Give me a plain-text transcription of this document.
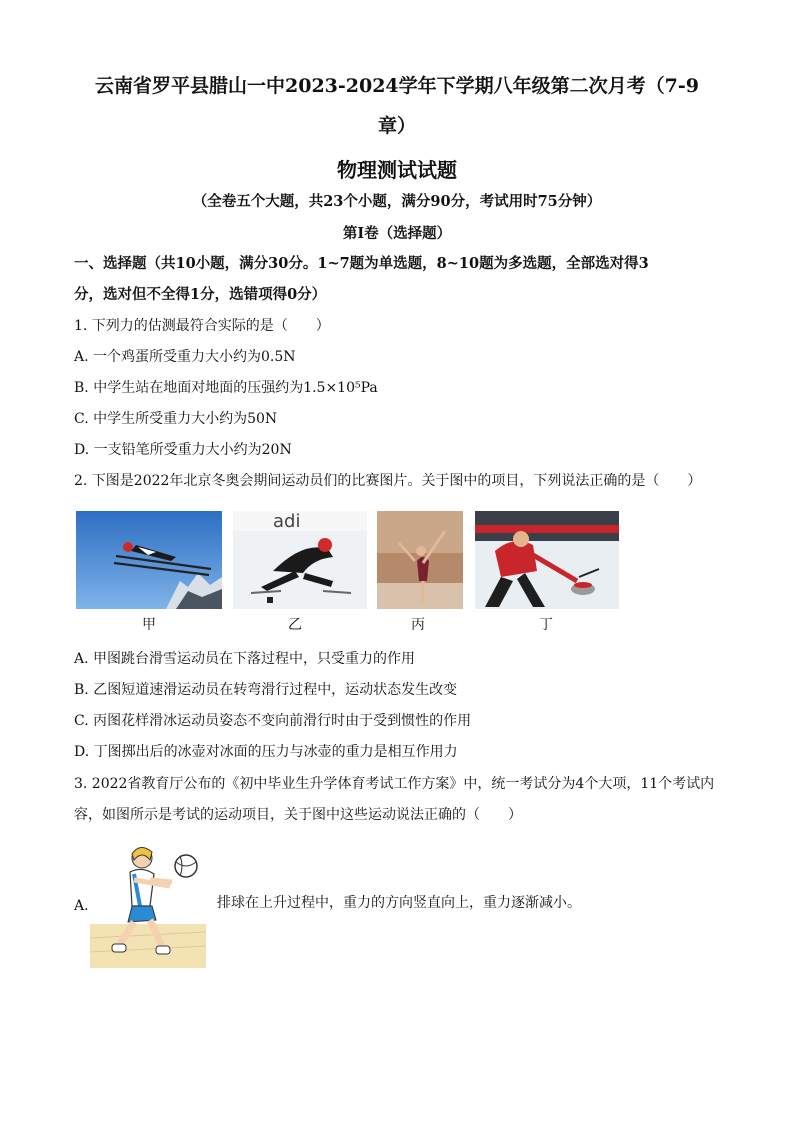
云南省罗平县腊山一中2023-2024学年下学期八年级第二次月考（7-9
章）
物理测试试题
（全卷五个大题，共23个小题，满分90分，考试用时75分钟）
第Ⅰ卷（选择题）
一、选择题（共10小题，满分30分。1~7题为单选题，8~10题为多选题，全部选对得3
分，选对但不全得1分，选错项得0分）
1. 下列力的估测最符合实际的是（　　）
A. 一个鸡蛋所受重力大小约为0.5N
B. 中学生站在地面对地面的压强约为1.5×10⁵Pa
C. 中学生所受重力大小约为50N
D. 一支铅笔所受重力大小约为20N
2. 下图是2022年北京冬奥会期间运动员们的比赛图片。关于图中的项目，下列说法正确的是（　　）
adi
甲	乙	丙	丁
A. 甲图跳台滑雪运动员在下落过程中，只受重力的作用
B. 乙图短道速滑运动员在转弯滑行过程中，运动状态发生改变
C. 丙图花样滑冰运动员姿态不变向前滑行时由于受到惯性的作用
D. 丁图掷出后的冰壶对冰面的压力与冰壶的重力是相互作用力
3. 2022省教育厅公布的《初中毕业生升学体育考试工作方案》中，统一考试分为4个大项，11个考试内
容，如图所示是考试的运动项目，关于图中这些运动说法正确的（　　）
A.	排球在上升过程中，重力的方向竖直向上，重力逐渐减小。
